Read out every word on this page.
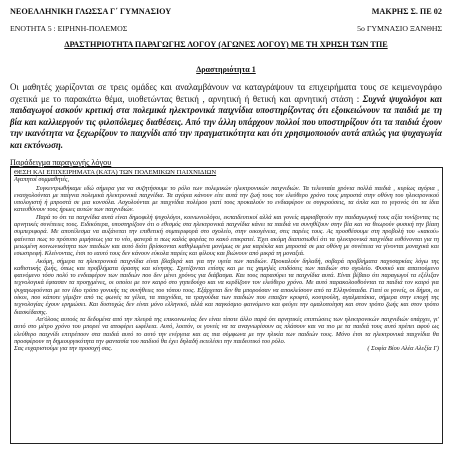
ΝΕΟΕΛΛΗΝΙΚΗ ΓΛΩΣΣΑ Γ΄ ΓΥΜΝΑΣΙΟΥ	ΜΑΚΡΗΣ Σ. ΠΕ 02
ΕΝΟΤΗΤΑ 5 : ΕΙΡΗΝΗ-ΠΟΛΕΜΟΣ	5ο ΓΥΜΝΑΣΙΟ ΞΑΝΘΗΣ
ΔΡΑΣΤΗΡΙΟΤΗΤΑ ΠΑΡΑΓΩΓΗΣ ΛΟΓΟΥ (ΑΓΩΝΕΣ ΛΟΓΟΥ) ΜΕ ΤΗ ΧΡΗΣΗ ΤΩΝ ΤΠΕ
Δραστηριότητα 1
Οι μαθητές χωρίζονται σε τρεις ομάδες και αναλαμβάνουν να καταγράψουν τα επιχειρήματα τους σε κειμενογράφο σχετικά με το παρακάτω θέμα, υιοθετώντας θετική , αρνητική ή θετική και αρνητική στάση : Συχνά ψυχολόγοι και παιδαγωγοί ασκούν κριτική στα πολεμικά ηλεκτρονικά παιχνίδια υποστηρίζοντας ότι εξοικειώνουν τα παιδιά με τη βία και καλλιεργούν τις φιλοπόλεμες διαθέσεις. Από την άλλη υπάρχουν πολλοί που υποστηρίζουν ότι τα παιδιά έχουν την ικανότητα να ξεχωρίζουν το παιχνίδι από την πραγματικότητα και ότι χρησιμοποιούν αυτά απλώς για ψυχαγωγία και εκτόνωση.
Παράδειγμα παραγωγής λόγου
ΘΕΣΗ ΚΑΙ ΕΠΙΧΕΙΡΗΜΑΤΑ (ΚΑΤΑ) ΤΩΝ ΠΟΛΕΜΙΚΩΝ ΠΑΙΧΝΙΔΙΩΝ

Αγαπητοί συμμαθητές,

Συγκεντρωθήκαμε εδώ σήμερα για να συζητήσουμε το ρόλο των πολεμικών ηλεκτρονικών παιχνιδιών. Τα τελευταία χρόνια πολλά παιδιά , κυρίως αγόρια , ενασχολούνται με παίγνια πολεμικά ηλεκτρονικά παιχνίδια. Τα αγόρια κάνουν είτε αυτά την ζωή τους τον ελεύθερο χρόνο τους μπροστά στην οθόνη του ηλεκτρονικού υπολογιστή ή μπροστά σε μια κονσόλα. Ασχολούνται με παιχνίδια πολέμου γιατί τους προκαλούν το ενδιαφέρον οι συγκρούσεις, τα όπλα και το γεγονός ότι τα ίδια κατευθύνουν τους ήρωες αυτών των παιχνιδιών.

Παρά το ότι τα παιχνίδια αυτά είναι δημοφιλή ψυχολόγοι, κοινωνιολόγοι, εκπαιδευτικοί αλλά και γονείς αμφισβητούν την παιδαγωγική τους αξία τονίζοντας τις αρνητικές συνέπειες τους. Ειδικότερα, υποστηρίζουν ότι ο εθισμός στα ηλεκτρονικά παιχνίδια κάνει τα παιδιά να συνηθίζουν στην βία και να θεωρούν φυσική την βίαιη συμπεριφορά. Με αποτέλεσμα να αυξάνεται την επιθετική συμπεριφορά στο σχολείο, στην οικογένεια, στις παρέες τους. Ας προσθέσουμε στη προβολή του «κακού» φαίνεται πως το πρότυπο μιμήσεως για το νέο, φανερά τι πως καλός φορέας το κακό επικρατεί. Έχει ακόμη διαπιστωθεί ότι τα ηλεκτρονικά παιχνίδια ευθύνονται για τη μειωμένη κοινωνικότητα των παιδιών και αυτό διότι βρίσκονται καθηλωμένα μονίμως σε μια καρέκλα και μπροστά σε μια οθόνη με συνέπεια να γίνονται μοναχικά και εσωστρεφή. Κλείνοντας, έτσι το εαυτό τους δεν κάνουν εύκολα παρέες και φίλους και βιώνουν από μικρά τη μοναξιά.

Ακόμη, σήμερα τα ηλεκτρονικά παιχνίδια είναι βλαβερά και για την υγεία των παιδιών. Προκαλούν δηλαδή, σοβαρά προβλήματα παχυσαρκίας λόγω της καθιστικής ζωής, όπως και προβλήματα όρασης και κίνησης. Σχετίζονται επίσης και με τις χαμηλές επιδόσεις των παιδιών στο σχολείο. Φυσικό και απαιτούμενο φαινόμενο τόσο πολύ το ενδιαφέρον των παιδιών που δεν μένει χρόνος για διάβασμα. Και τους παρασύρει τα παιχνίδια αυτά. Είναι βέβαιο ότι παραγωγοί τα εξέλιξαν τεχνολογικά έφτασαν τα προηγμένες, οι οποίοι με τον καιρό στο γηπεδούχο και να κερδίζουν τον ελεύθερο χρόνο. Με αυτό παρακολουθούνται τα παιδιά τον καιρό για ψυχαγωγούνται με τον ίδιο τρόπο γονικής τις συνήθειες του τόπου τους. Εξάρχεται δεν θα μπορούσαν να αποκλείσουν από τα Ελληνόπαιδα. Γιατί οι γονείς, οι δήμοι, οι οίκοι, που κάποτε γέμιζαν από τις φωνές τα γέλια, τα παιχνίδια, τα τραγούδια των παιδιών που επαιζαν κρυφτό, κουτρούλη, αγαλματάκια, σήμερα στην εποχή της τεχνολογίας έχουν ερημώσει. Και δυστυχώς δεν είναι μόνο ελληνικό, αλλά και παγκόσμιο φαινόμενο και φεύγει την ομαλοποίηση και στον τρόπο ζωής και στον τρόπο διασκέδασης.

Απ'όλους αυτούς τα δεδομένα από την πλευρά της επικοινωνίας δεν είναι τίποτε άλλο παρά ότι αρνητικές επιπτώσεις των ηλεκτρονικών παιχνιδιών υπάρχει, γι' αυτό στο μέτρο χρόνο του μπορεί να αποφέρει ωφέλεια. Αυτό, λοιπόν, οι γονείς να τα αναγνωρίσουν ας πλάσουν και να πιο με τα παιδιά τους αυτό πρέπει αφού ως ελεύθερο παιχνίδι επιτρέπουν στα παιδιά αυτό το αυτό την ενέργεια και ας πια σύμφωνα με την ηλικία των παιδιών τους. Μόνο έτσι τα ηλεκτρονικά παιχνίδια θα προσφέρουν τη δημιουργικότητα την φαντασία του παιδιού θα έχει δηλαδή εκτελέσει την παιδευτικό του ρόλο.

Σας ευχαριστούμε για την προσοχή σας.	( Σοφία Βίου Αλέα Αλεξία Γ)
